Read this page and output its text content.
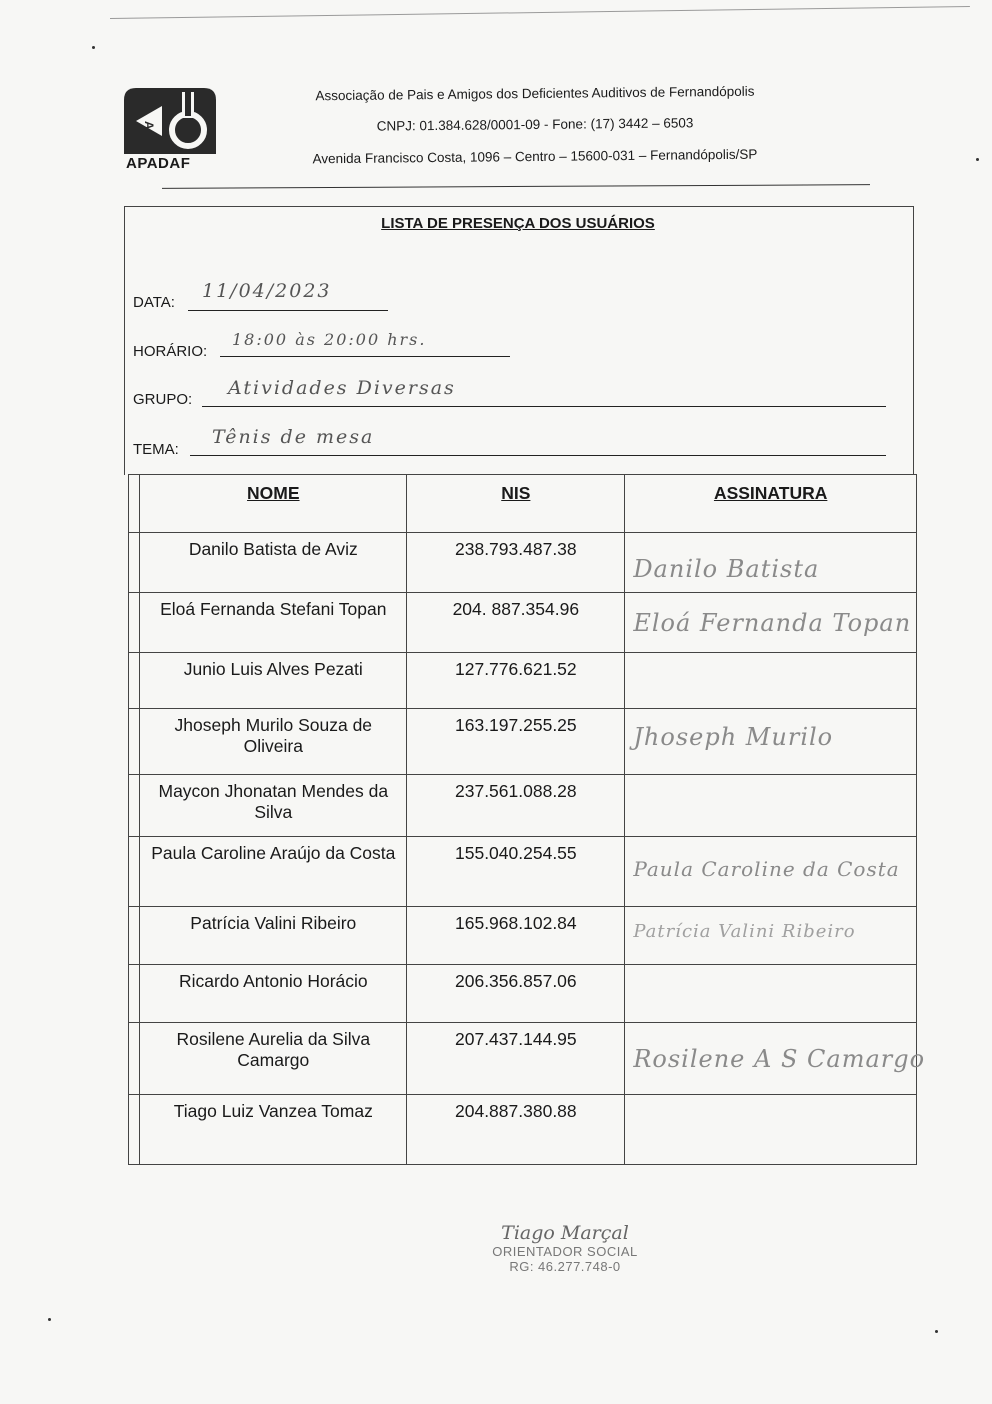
A
APADAF
Associação de Pais e Amigos dos Deficientes Auditivos de Fernandópolis
CNPJ: 01.384.628/0001-09 - Fone: (17) 3442 – 6503
Avenida Francisco Costa, 1096 – Centro – 15600-031 – Fernandópolis/SP
LISTA DE PRESENÇA DOS USUÁRIOS
DATA:
11/04/2023
HORÁRIO:
18:00 às 20:00 hrs.
GRUPO:
Atividades Diversas
TEMA:
Tênis de mesa
	NOME	NIS	ASSINATURA
	Danilo Batista de Aviz	238.793.487.38	Danilo Batista

	Eloá Fernanda Stefani Topan	204. 887.354.96	Eloá Fernanda Topan

	Junio Luis Alves Pezati	127.776.621.52	

	Jhoseph Murilo Souza de Oliveira	163.197.255.25	Jhoseph Murilo

	Maycon Jhonatan Mendes da Silva	237.561.088.28	

	Paula Caroline Araújo da Costa	155.040.254.55	Paula Caroline da Costa

	Patrícia Valini Ribeiro	165.968.102.84	Patrícia Valini Ribeiro

	Ricardo Antonio Horácio	206.356.857.06	

	Rosilene Aurelia da Silva Camargo	207.437.144.95	Rosilene A S Camargo

	Tiago Luiz Vanzea Tomaz	204.887.380.88	
Tiago Marçal
ORIENTADOR SOCIAL
RG: 46.277.748-0
